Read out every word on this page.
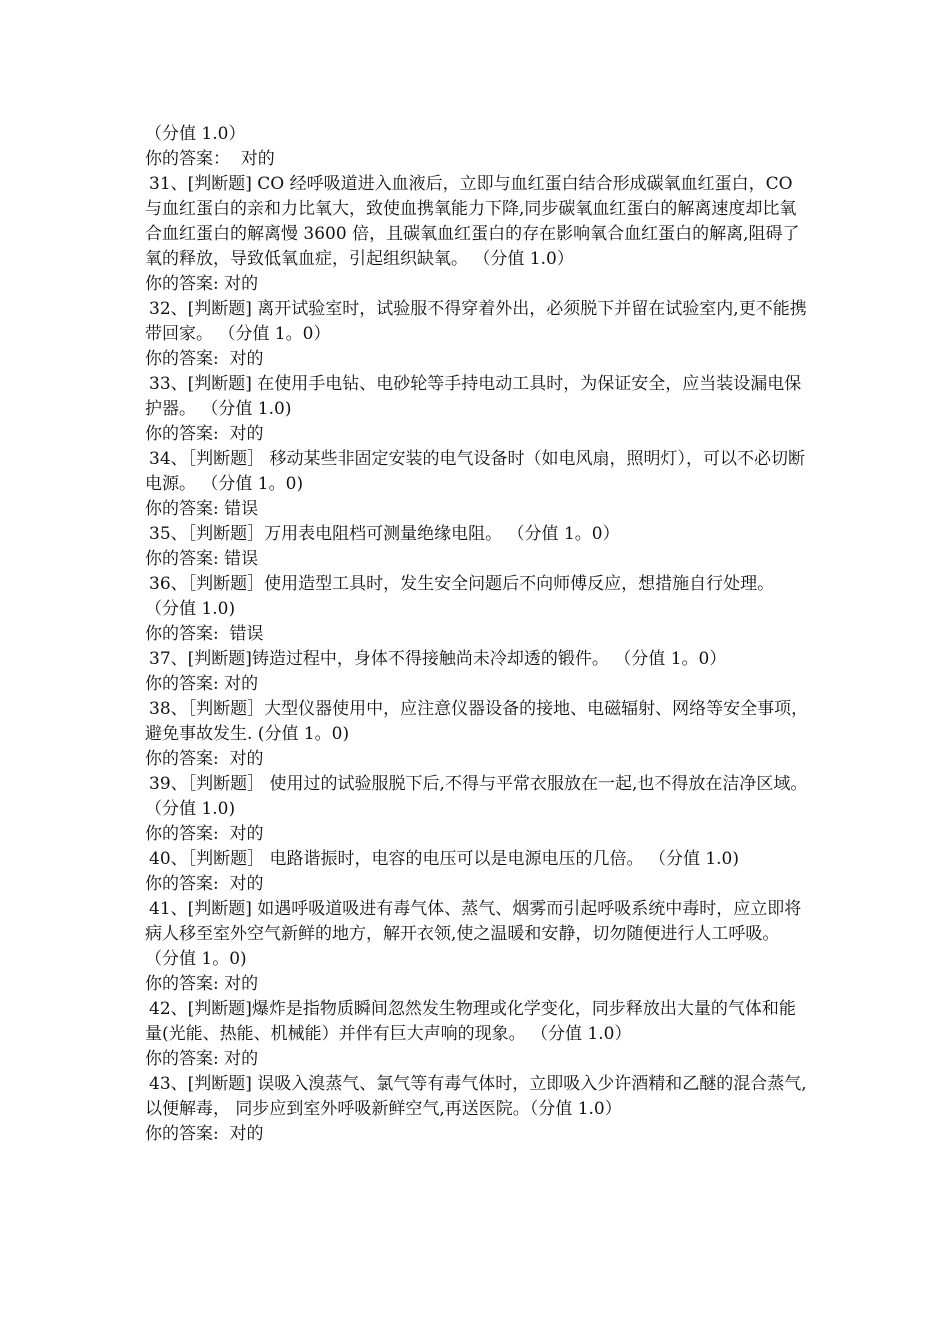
（分值 1.0）
你的答案：  对的
31、[判断题] CO 经呼吸道进入血液后，立即与血红蛋白结合形成碳氧血红蛋白，CO 与血红蛋白的亲和力比氧大，致使血携氧能力下降,同步碳氧血红蛋白的解离速度却比氧合血红蛋白的解离慢 3600 倍，且碳氧血红蛋白的存在影响氧合血红蛋白的解离,阻碍了氧的释放，导致低氧血症，引起组织缺氧。 （分值 1.0）
你的答案: 对的
32、[判断题] 离开试验室时，试验服不得穿着外出，必须脱下并留在试验室内,更不能携带回家。 （分值 1。0）
你的答案:  对的
33、[判断题] 在使用手电钻、电砂轮等手持电动工具时，为保证安全，应当装设漏电保护器。 （分值 1.0)
你的答案:  对的
34、［判断题］ 移动某些非固定安装的电气设备时（如电风扇，照明灯），可以不必切断电源。 （分值 1。0)
你的答案: 错误
35、［判断题］万用表电阻档可测量绝缘电阻。 （分值 1。0）
你的答案: 错误
36、［判断题］使用造型工具时，发生安全问题后不向师傅反应，想措施自行处理。 （分值 1.0)
你的答案:  错误
37、[判断题]铸造过程中，身体不得接触尚未冷却透的锻件。 （分值 1。0）
你的答案: 对的
38、［判断题］大型仪器使用中，应注意仪器设备的接地、电磁辐射、网络等安全事项，避免事故发生. (分值 1。0)
你的答案:  对的
39、［判断题］ 使用过的试验服脱下后,不得与平常衣服放在一起,也不得放在洁净区域。 （分值 1.0)
你的答案:  对的
40、［判断题］ 电路谐振时，电容的电压可以是电源电压的几倍。 （分值 1.0)
你的答案:  对的
41、[判断题] 如遇呼吸道吸进有毒气体、蒸气、烟雾而引起呼吸系统中毒时，应立即将病人移至室外空气新鲜的地方，解开衣领,使之温暖和安静，切勿随便进行人工呼吸。 （分值 1。0)
你的答案: 对的
42、[判断题]爆炸是指物质瞬间忽然发生物理或化学变化，同步释放出大量的气体和能量(光能、热能、机械能）并伴有巨大声响的现象。 （分值 1.0）
你的答案: 对的
43、[判断题] 误吸入溴蒸气、氯气等有毒气体时，立即吸入少许酒精和乙醚的混合蒸气,以便解毒， 同步应到室外呼吸新鲜空气,再送医院。（分值 1.0）
你的答案:  对的
